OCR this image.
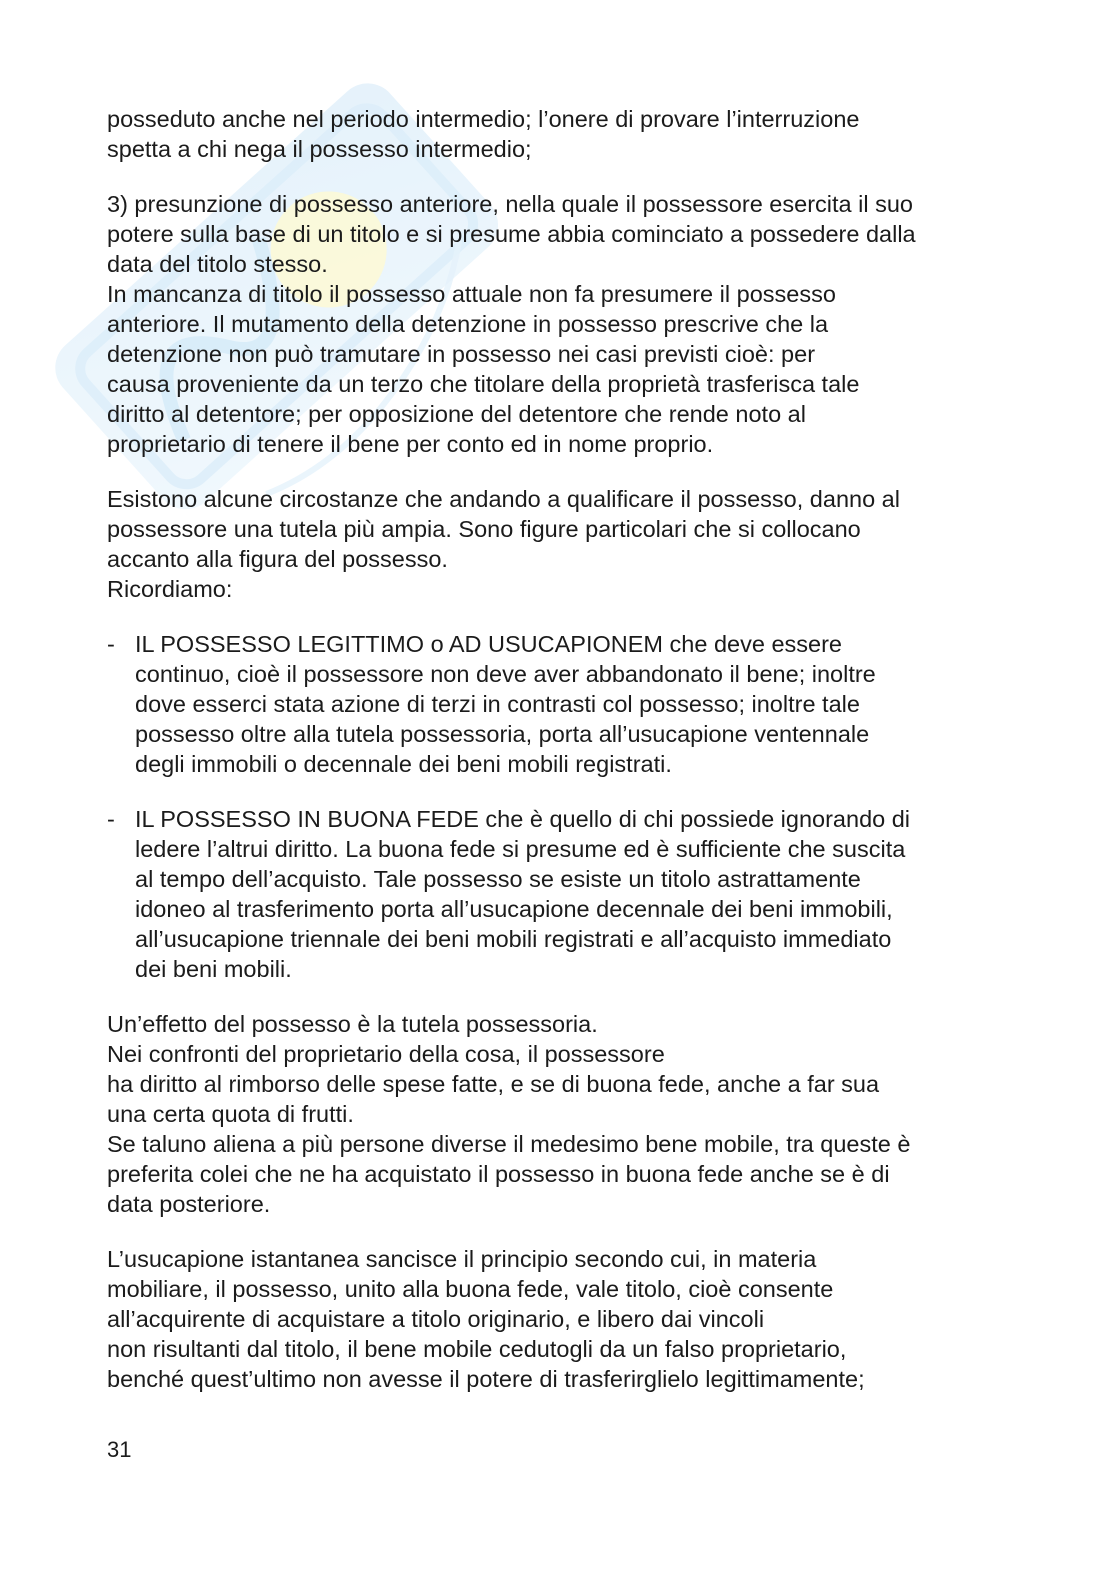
posseduto anche nel periodo intermedio; l’onere di provare l’interruzione
spetta a chi nega il possesso intermedio;

3) presunzione di possesso anteriore, nella quale il possessore esercita il suo
potere sulla base di un titolo e si presume abbia cominciato a possedere dalla
data del titolo stesso.
In mancanza di titolo il possesso attuale non fa presumere il possesso
anteriore. Il mutamento della detenzione in possesso prescrive che la
detenzione non può tramutare in possesso nei casi previsti cioè: per
causa proveniente da un terzo che titolare della proprietà trasferisca tale
diritto al detentore; per opposizione del detentore che rende noto al
proprietario di tenere il bene per conto ed in nome proprio.

Esistono alcune circostanze che andando a qualificare il possesso, danno al
possessore una tutela più ampia. Sono figure particolari che si collocano
accanto alla figura del possesso.
Ricordiamo:

- IL POSSESSO LEGITTIMO o AD USUCAPIONEM che deve essere
continuo, cioè il possessore non deve aver abbandonato il bene; inoltre
dove esserci stata azione di terzi in contrasti col possesso; inoltre tale
possesso oltre alla tutela possessoria, porta all’usucapione ventennale
degli immobili o decennale dei beni mobili registrati.
- IL POSSESSO IN BUONA FEDE che è quello di chi possiede ignorando di
ledere l’altrui diritto. La buona fede si presume ed è sufficiente che suscita
al tempo dell’acquisto. Tale possesso se esiste un titolo astrattamente
idoneo al trasferimento porta all’usucapione decennale dei beni immobili,
all’usucapione triennale dei beni mobili registrati e all’acquisto immediato
dei beni mobili.

Un’effetto del possesso è la tutela possessoria.
Nei confronti del proprietario della cosa, il possessore
ha diritto al rimborso delle spese fatte, e se di buona fede, anche a far sua
una certa quota di frutti.
Se taluno aliena a più persone diverse il medesimo bene mobile, tra queste è
preferita colei che ne ha acquistato il possesso in buona fede anche se è di
data posteriore.

L’usucapione istantanea sancisce il principio secondo cui, in materia
mobiliare, il possesso, unito alla buona fede, vale titolo, cioè consente
all’acquirente di acquistare a titolo originario, e libero dai vincoli
non risultanti dal titolo, il bene mobile cedutogli da un falso proprietario,
benché quest’ultimo non avesse il potere di trasferirglielo legittimamente;

31
